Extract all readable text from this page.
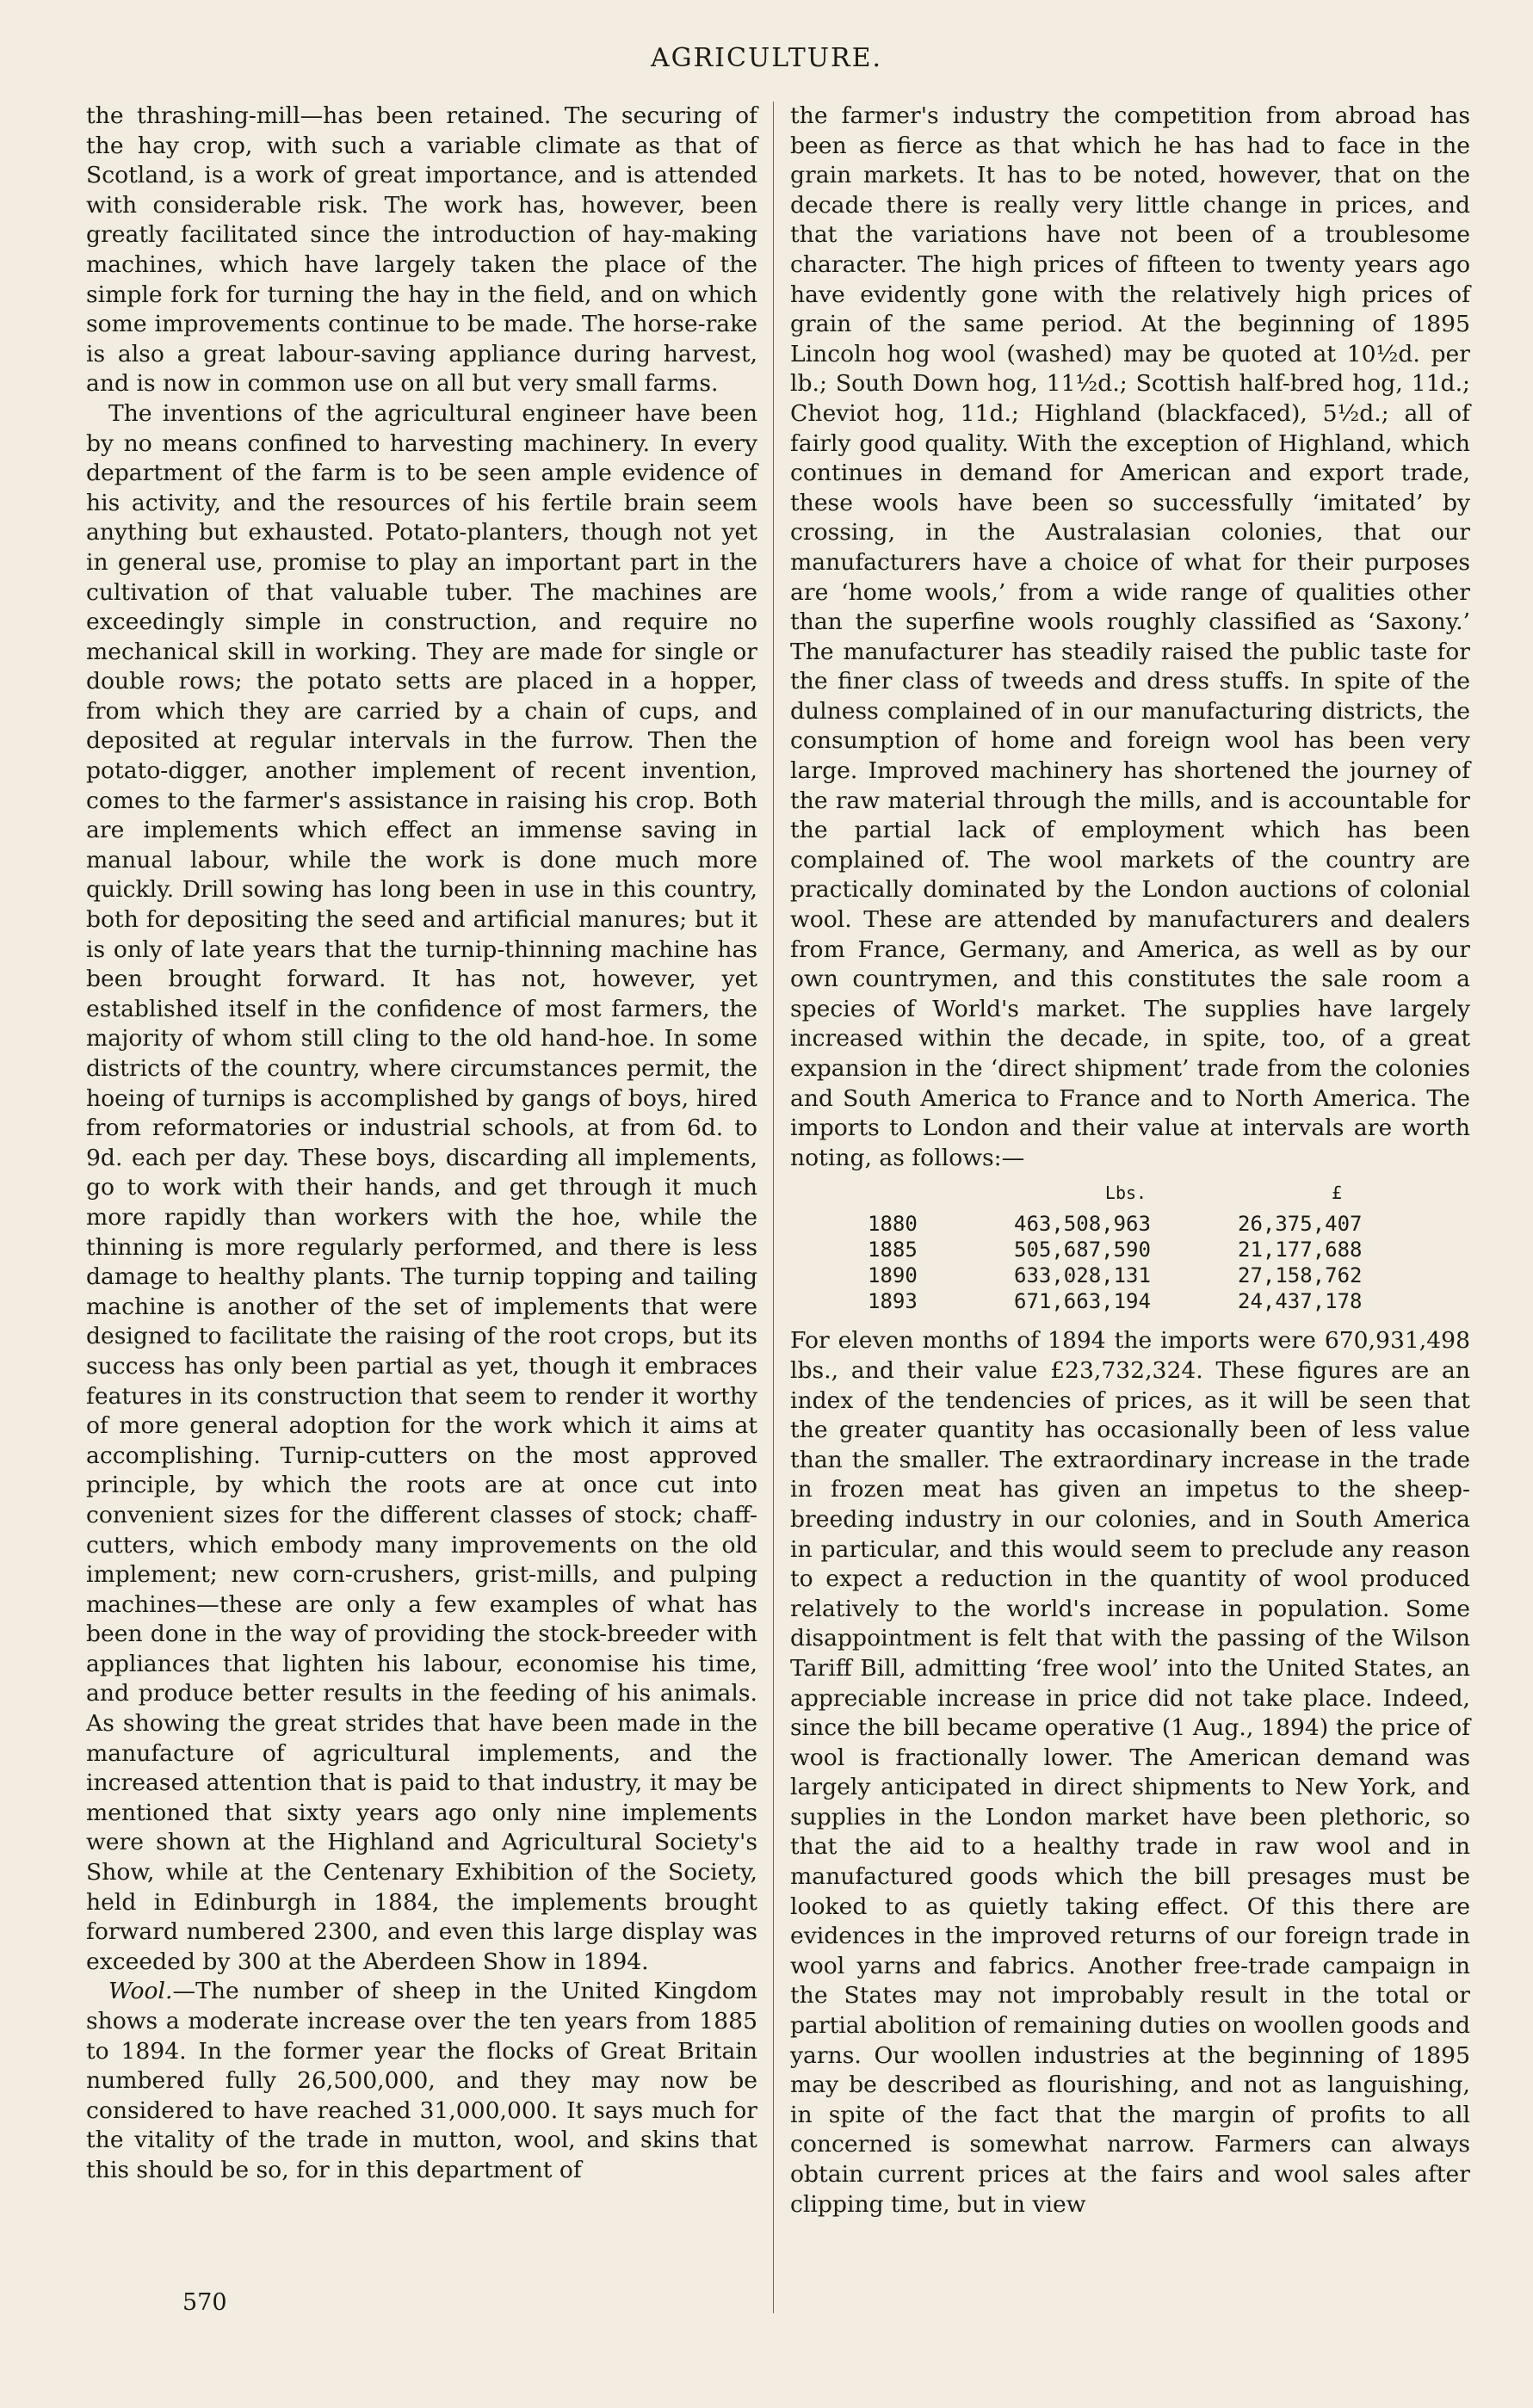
AGRICULTURE.

the thrashing-mill—has been retained. The securing of the hay crop, with such a variable climate as that of Scotland, is a work of great importance, and is attended with considerable risk. The work has, however, been greatly facilitated since the introduction of hay-making machines, which have largely taken the place of the simple fork for turning the hay in the field, and on which some improvements continue to be made. The horse-rake is also a great labour-saving appliance during harvest, and is now in common use on all but very small farms.

The inventions of the agricultural engineer have been by no means confined to harvesting machinery. In every department of the farm is to be seen ample evidence of his activity, and the resources of his fertile brain seem anything but exhausted. Potato-planters, though not yet in general use, promise to play an important part in the cultivation of that valuable tuber. The machines are exceedingly simple in construction, and require no mechanical skill in working. They are made for single or double rows; the potato setts are placed in a hopper, from which they are carried by a chain of cups, and deposited at regular intervals in the furrow. Then the potato-digger, another implement of recent invention, comes to the farmer's assistance in raising his crop. Both are implements which effect an immense saving in manual labour, while the work is done much more quickly. Drill sowing has long been in use in this country, both for depositing the seed and artificial manures; but it is only of late years that the turnip-thinning machine has been brought forward. It has not, however, yet established itself in the confidence of most farmers, the majority of whom still cling to the old hand-hoe. In some districts of the country, where circumstances permit, the hoeing of turnips is accomplished by gangs of boys, hired from reformatories or industrial schools, at from 6d. to 9d. each per day. These boys, discarding all implements, go to work with their hands, and get through it much more rapidly than workers with the hoe, while the thinning is more regularly performed, and there is less damage to healthy plants. The turnip topping and tailing machine is another of the set of implements that were designed to facilitate the raising of the root crops, but its success has only been partial as yet, though it embraces features in its construction that seem to render it worthy of more general adoption for the work which it aims at accomplishing. Turnip-cutters on the most approved principle, by which the roots are at once cut into convenient sizes for the different classes of stock; chaff-cutters, which embody many improvements on the old implement; new corn-crushers, grist-mills, and pulping machines—these are only a few examples of what has been done in the way of providing the stock-breeder with appliances that lighten his labour, economise his time, and produce better results in the feeding of his animals. As showing the great strides that have been made in the manufacture of agricultural implements, and the increased attention that is paid to that industry, it may be mentioned that sixty years ago only nine implements were shown at the Highland and Agricultural Society's Show, while at the Centenary Exhibition of the Society, held in Edinburgh in 1884, the implements brought forward numbered 2300, and even this large display was exceeded by 300 at the Aberdeen Show in 1894.

Wool.—The number of sheep in the United Kingdom shows a moderate increase over the ten years from 1885 to 1894. In the former year the flocks of Great Britain numbered fully 26,500,000, and they may now be considered to have reached 31,000,000. It says much for the vitality of the trade in mutton, wool, and skins that this should be so, for in this department of

the farmer's industry the competition from abroad has been as fierce as that which he has had to face in the grain markets. It has to be noted, however, that on the decade there is really very little change in prices, and that the variations have not been of a troublesome character. The high prices of fifteen to twenty years ago have evidently gone with the relatively high prices of grain of the same period. At the beginning of 1895 Lincoln hog wool (washed) may be quoted at 10½d. per lb.; South Down hog, 11½d.; Scottish half-bred hog, 11d.; Cheviot hog, 11d.; Highland (blackfaced), 5½d.; all of fairly good quality. With the exception of Highland, which continues in demand for American and export trade, these wools have been so successfully ‘imitated’ by crossing, in the Australasian colonies, that our manufacturers have a choice of what for their purposes are ‘home wools,’ from a wide range of qualities other than the superfine wools roughly classified as ‘Saxony.’ The manufacturer has steadily raised the public taste for the finer class of tweeds and dress stuffs. In spite of the dulness complained of in our manufacturing districts, the consumption of home and foreign wool has been very large. Improved machinery has shortened the journey of the raw material through the mills, and is accountable for the partial lack of employment which has been complained of. The wool markets of the country are practically dominated by the London auctions of colonial wool. These are attended by manufacturers and dealers from France, Germany, and America, as well as by our own countrymen, and this constitutes the sale room a species of World's market. The supplies have largely increased within the decade, in spite, too, of a great expansion in the ‘direct shipment’ trade from the colonies and South America to France and to North America. The imports to London and their value at intervals are worth noting, as follows:—

	Lbs.	£
1880	463,508,963	26,375,407
1885	505,687,590	21,177,688
1890	633,028,131	27,158,762
1893	671,663,194	24,437,178

For eleven months of 1894 the imports were 670,931,498 lbs., and their value £23,732,324. These figures are an index of the tendencies of prices, as it will be seen that the greater quantity has occasionally been of less value than the smaller. The extraordinary increase in the trade in frozen meat has given an impetus to the sheep-breeding industry in our colonies, and in South America in particular, and this would seem to preclude any reason to expect a reduction in the quantity of wool produced relatively to the world's increase in population. Some disappointment is felt that with the passing of the Wilson Tariff Bill, admitting ‘free wool’ into the United States, an appreciable increase in price did not take place. Indeed, since the bill became operative (1 Aug., 1894) the price of wool is fractionally lower. The American demand was largely anticipated in direct shipments to New York, and supplies in the London market have been plethoric, so that the aid to a healthy trade in raw wool and in manufactured goods which the bill presages must be looked to as quietly taking effect. Of this there are evidences in the improved returns of our foreign trade in wool yarns and fabrics. Another free-trade campaign in the States may not improbably result in the total or partial abolition of remaining duties on woollen goods and yarns. Our woollen industries at the beginning of 1895 may be described as flourishing, and not as languishing, in spite of the fact that the margin of profits to all concerned is somewhat narrow. Farmers can always obtain current prices at the fairs and wool sales after clipping time, but in view

570
